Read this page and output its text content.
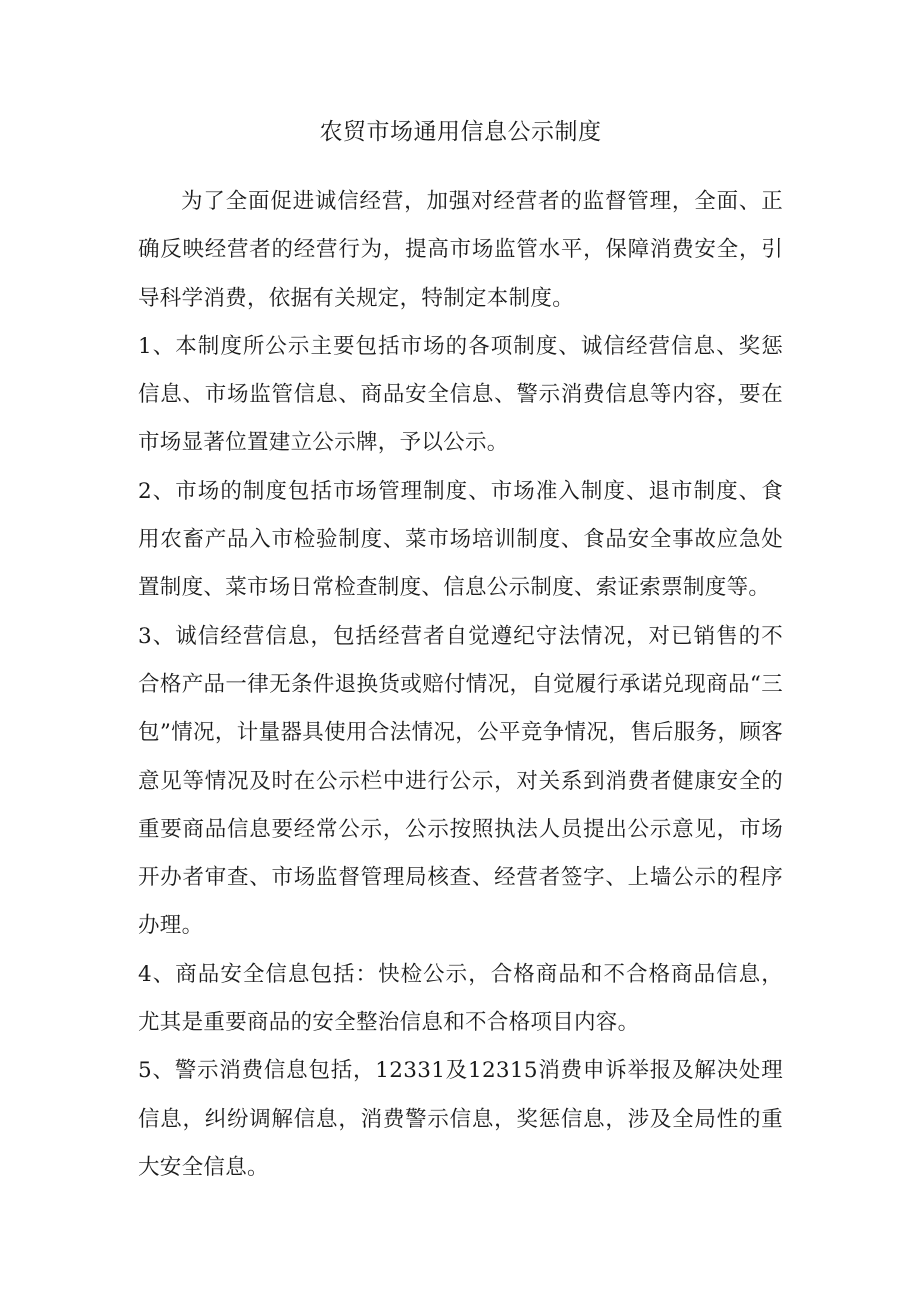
农贸市场通用信息公示制度

为了全面促进诚信经营，加强对经营者的监督管理，全面、正确反映经营者的经营行为，提高市场监管水平，保障消费安全，引导科学消费，依据有关规定，特制定本制度。

1、本制度所公示主要包括市场的各项制度、诚信经营信息、奖惩信息、市场监管信息、商品安全信息、警示消费信息等内容，要在市场显著位置建立公示牌，予以公示。

2、市场的制度包括市场管理制度、市场准入制度、退市制度、食用农畜产品入市检验制度、菜市场培训制度、食品安全事故应急处置制度、菜市场日常检查制度、信息公示制度、索证索票制度等。

3、诚信经营信息，包括经营者自觉遵纪守法情况，对已销售的不合格产品一律无条件退换货或赔付情况，自觉履行承诺兑现商品“三包”情况，计量器具使用合法情况，公平竞争情况，售后服务，顾客意见等情况及时在公示栏中进行公示，对关系到消费者健康安全的重要商品信息要经常公示，公示按照执法人员提出公示意见，市场开办者审查、市场监督管理局核查、经营者签字、上墙公示的程序办理。

4、商品安全信息包括：快检公示，合格商品和不合格商品信息，尤其是重要商品的安全整治信息和不合格项目内容。

5、警示消费信息包括，12331及12315消费申诉举报及解决处理信息，纠纷调解信息，消费警示信息，奖惩信息，涉及全局性的重大安全信息。
